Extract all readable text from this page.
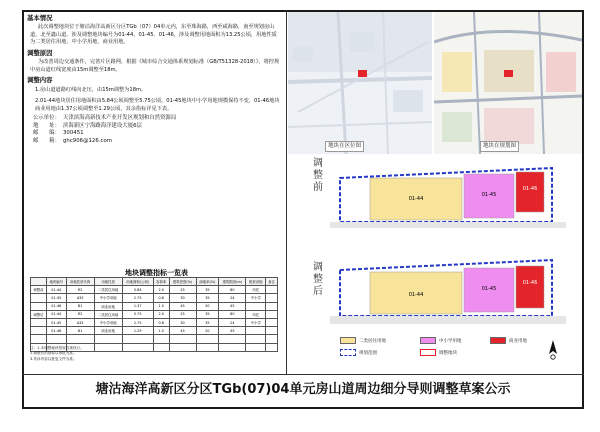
基本情况
此次调整地块位于塘沽海洋高新区分区TGb（07）04单元内，东至珠海路，西至咸海路，南至规划房山道，北至鑫山道。涉及调整地块编号为01-44、01-45、01-46，涉及调整用地面积为13.25公顷，用地性质为二类居住用地、中小学用地、商业用地。
调整原因
为改善周边交通条件，完善片区路网，根据《城市综合交通体系规划标准（GB/T51328-2018）》，将控规中房山道红线宽度由15m调整至18m。
调整内容
1.房山道道路红线向北压，由15m调整为18m。
2.01-44地块居住用地面积由5.84公顷调整至5.75公顷，01-45地块中小学用地规模保持不变，01-46地块商业用地由1.37公顷调整至1.29公顷，其余指标详见下表。
公示单位： 天津滨海高新技术产业开发区规划和自然资源局
地　　址： 滨海新区宁海路海洋建设大厦6层
邮　　编： 300451
邮　　箱： ghc906@126.com
地块调整指标一览表
	地块编号	用地性质代码	用地性质	用地面积(公顷)	容积率	建筑密度(%)	绿地率(%)	建筑限高(m)	配套设施	备注
调整前	01-44	R2	二类居住用地	5.84	2.0	25	35	80	幼托	
	01-45	A33	中小学用地	2.75	0.8	30	35	24	中小学	
	01-46	B1	商业用地	1.37	1.5	45	20	45		
调整后	01-44	R2	二类居住用地	5.75	2.0	25	35	80	幼托	
	01-45	A33	中小学用地	2.75	0.8	30	35	24	中小学	
	01-46	B1	商业用地	1.29	1.5	45	20	45		

注：1.未调整地块按原控规执行。
2.调整后的指标以审批为准。
3.具体内容以批复文件为准。
地块在区位图	地块在规划图
调
整
前
调
整
后
01-44
01-45
01-46
01-44
01-45
01-46
二类居住用地	中小学用地	商业用地
规划范围	调整地块
塘沽海洋高新区分区TGb(07)04单元房山道周边细分导则调整草案公示
